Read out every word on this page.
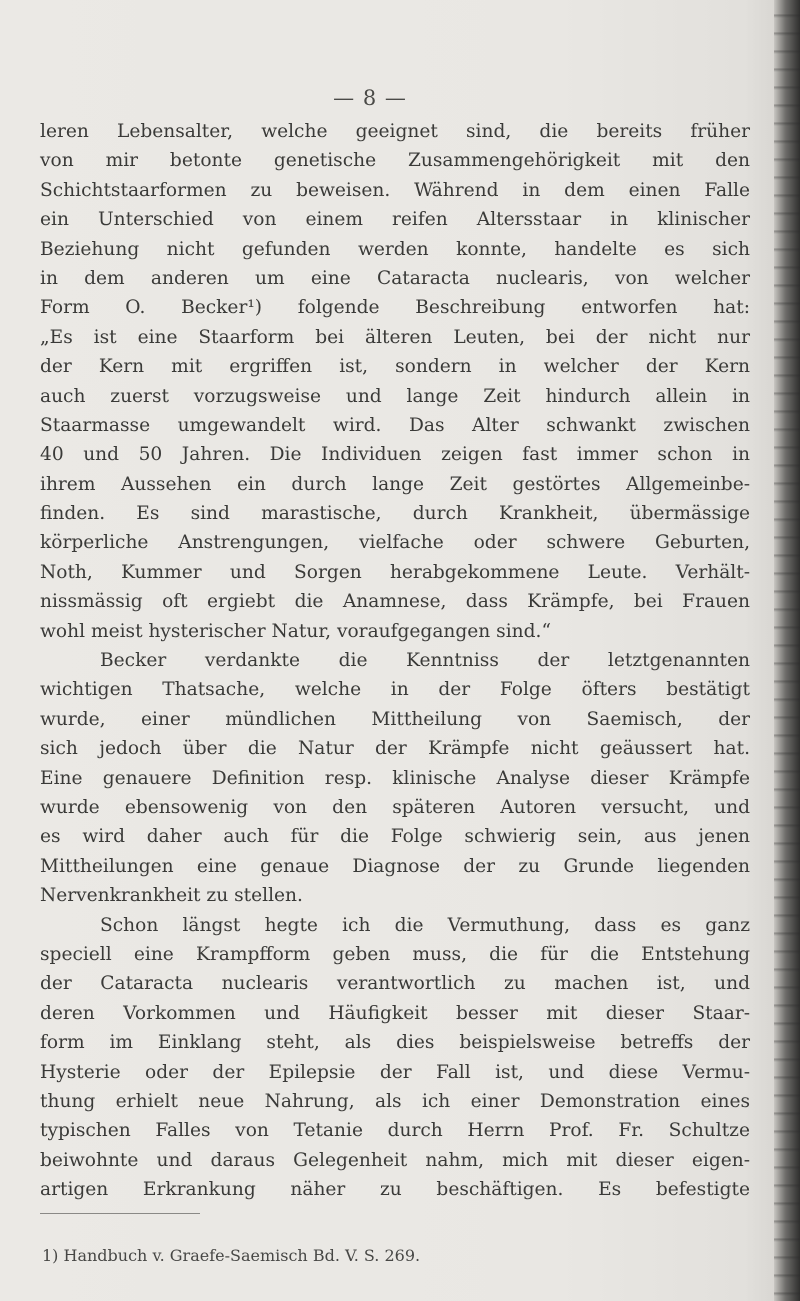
— 8 —
leren Lebensalter, welche geeignet sind, die bereits früher
von mir betonte genetische Zusammengehörigkeit mit den
Schichtstaarformen zu beweisen. Während in dem einen Falle
ein Unterschied von einem reifen Altersstaar in klinischer
Beziehung nicht gefunden werden konnte, handelte es sich
in dem anderen um eine Cataracta nuclearis, von welcher
Form O. Becker¹) folgende Beschreibung entworfen hat:
„Es ist eine Staarform bei älteren Leuten, bei der nicht nur
der Kern mit ergriffen ist, sondern in welcher der Kern
auch zuerst vorzugsweise und lange Zeit hindurch allein in
Staarmasse umgewandelt wird. Das Alter schwankt zwischen
40 und 50 Jahren. Die Individuen zeigen fast immer schon in
ihrem Aussehen ein durch lange Zeit gestörtes Allgemeinbe-
finden. Es sind marastische, durch Krankheit, übermässige
körperliche Anstrengungen, vielfache oder schwere Geburten,
Noth, Kummer und Sorgen herabgekommene Leute. Verhält-
nissmässig oft ergiebt die Anamnese, dass Krämpfe, bei Frauen
wohl meist hysterischer Natur, voraufgegangen sind.“
Becker verdankte die Kenntniss der letztgenannten
wichtigen Thatsache, welche in der Folge öfters bestätigt
wurde, einer mündlichen Mittheilung von Saemisch, der
sich jedoch über die Natur der Krämpfe nicht geäussert hat.
Eine genauere Definition resp. klinische Analyse dieser Krämpfe
wurde ebensowenig von den späteren Autoren versucht, und
es wird daher auch für die Folge schwierig sein, aus jenen
Mittheilungen eine genaue Diagnose der zu Grunde liegenden
Nervenkrankheit zu stellen.
Schon längst hegte ich die Vermuthung, dass es ganz
speciell eine Krampfform geben muss, die für die Entstehung
der Cataracta nuclearis verantwortlich zu machen ist, und
deren Vorkommen und Häufigkeit besser mit dieser Staar-
form im Einklang steht, als dies beispielsweise betreffs der
Hysterie oder der Epilepsie der Fall ist, und diese Vermu-
thung erhielt neue Nahrung, als ich einer Demonstration eines
typischen Falles von Tetanie durch Herrn Prof. Fr. Schultze
beiwohnte und daraus Gelegenheit nahm, mich mit dieser eigen-
artigen Erkrankung näher zu beschäftigen. Es befestigte
1) Handbuch v. Graefe-Saemisch Bd. V. S. 269.
